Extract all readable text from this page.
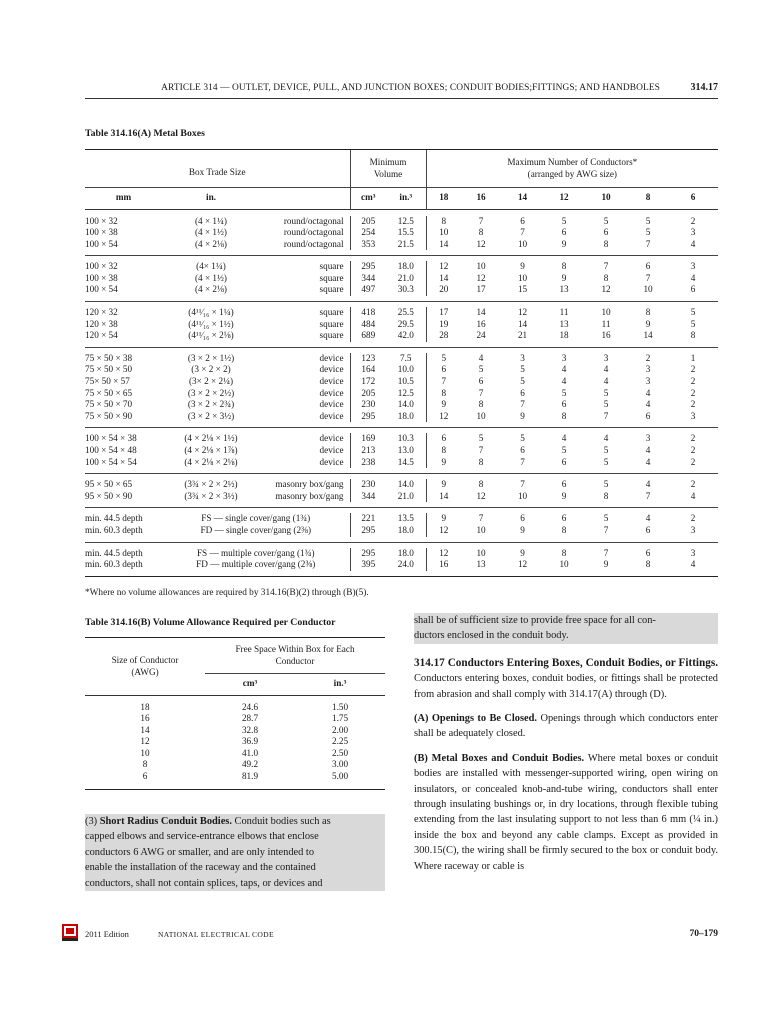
ARTICLE 314 — OUTLET, DEVICE, PULL, AND JUNCTION BOXES; CONDUIT BODIES;FITTINGS; AND HANDBOLES	314.17
Table 314.16(A) Metal Boxes
Box Trade Size			Minimum Volume		Maximum Number of Conductors* (arranged by AWG size)						
mm	in.		cm³	in.³	18	16	14	12	10	8	6

100 × 32	(4 × 1¼)	round/octagonal	205	12.5	8	7	6	5	5	5	2
100 × 38	(4 × 1½)	round/octagonal	254	15.5	10	8	7	6	6	5	3
100 × 54	(4 × 2⅛)	round/octagonal	353	21.5	14	12	10	9	8	7	4

100 × 32	(4× 1¼)	square	295	18.0	12	10	9	8	7	6	3
100 × 38	(4 × 1½)	square	344	21.0	14	12	10	9	8	7	4
100 × 54	(4 × 2⅛)	square	497	30.3	20	17	15	13	12	10	6

120 × 32	(4¹¹⁄₁₆ × 1¼)	square	418	25.5	17	14	12	11	10	8	5
120 × 38	(4¹¹⁄₁₆ × 1½)	square	484	29.5	19	16	14	13	11	9	5
120 × 54	(4¹¹⁄₁₆ × 2⅛)	square	689	42.0	28	24	21	18	16	14	8

75 × 50 × 38	(3 × 2 × 1½)	device	123	7.5	5	4	3	3	3	2	1
75 × 50 × 50	(3 × 2 × 2)	device	164	10.0	6	5	5	4	4	3	2
75× 50 × 57	(3× 2 × 2¼)	device	172	10.5	7	6	5	4	4	3	2
75 × 50 × 65	(3 × 2 × 2½)	device	205	12.5	8	7	6	5	5	4	2
75 × 50 × 70	(3 × 2 × 2¾)	device	230	14.0	9	8	7	6	5	4	2
75 × 50 × 90	(3 × 2 × 3½)	device	295	18.0	12	10	9	8	7	6	3

100 × 54 × 38	(4 × 2⅛ × 1½)	device	169	10.3	6	5	5	4	4	3	2
100 × 54 × 48	(4 × 2⅛ × 1⅞)	device	213	13.0	8	7	6	5	5	4	2
100 × 54 × 54	(4 × 2⅛ × 2⅛)	device	238	14.5	9	8	7	6	5	4	2

95 × 50 × 65	(3¾ × 2 × 2½)	masonry box/gang	230	14.0	9	8	7	6	5	4	2
95 × 50 × 90	(3¾ × 2 × 3½)	masonry box/gang	344	21.0	14	12	10	9	8	7	4

min. 44.5 depth	FS — single cover/gang (1¾)		221	13.5	9	7	6	6	5	4	2
min. 60.3 depth	FD — single cover/gang (2⅜)		295	18.0	12	10	9	8	7	6	3

min. 44.5 depth	FS — multiple cover/gang (1¾)		295	18.0	12	10	9	8	7	6	3
min. 60.3 depth	FD — multiple cover/gang (2⅜)		395	24.0	16	13	12	10	9	8	4

*Where no volume allowances are required by 314.16(B)(2) through (B)(5).
Table 314.16(B) Volume Allowance Required per Conductor
Size of Conductor (AWG)	Free Space Within Box for Each Conductor	
	cm³	in.³

18	24.6	1.50
16	28.7	1.75
14	32.8	2.00
12	36.9	2.25
10	41.0	2.50
8	49.2	3.00
6	81.9	5.00

(3) Short Radius Conduit Bodies. Conduit bodies such as
capped elbows and service-entrance elbows that enclose
conductors 6 AWG or smaller, and are only intended to
enable the installation of the raceway and the contained
conductors, shall not contain splices, taps, or devices and
shall be of sufficient size to provide free space for all con-
ductors enclosed in the conduit body.
314.17 Conductors Entering Boxes, Conduit Bodies, or Fittings. Conductors entering boxes, conduit bodies, or fittings shall be protected from abrasion and shall comply with 314.17(A) through (D).
(A) Openings to Be Closed. Openings through which conductors enter shall be adequately closed.
(B) Metal Boxes and Conduit Bodies. Where metal boxes or conduit bodies are installed with messenger-supported wiring, open wiring on insulators, or concealed knob-and-tube wiring, conductors shall enter through insulating bushings or, in dry locations, through flexible tubing extending from the last insulating support to not less than 6 mm (¼ in.) inside the box and beyond any cable clamps. Except as provided in 300.15(C), the wiring shall be firmly secured to the box or conduit body. Where raceway or cable is
2011 Edition	NATIONAL ELECTRICAL CODE	70–179
